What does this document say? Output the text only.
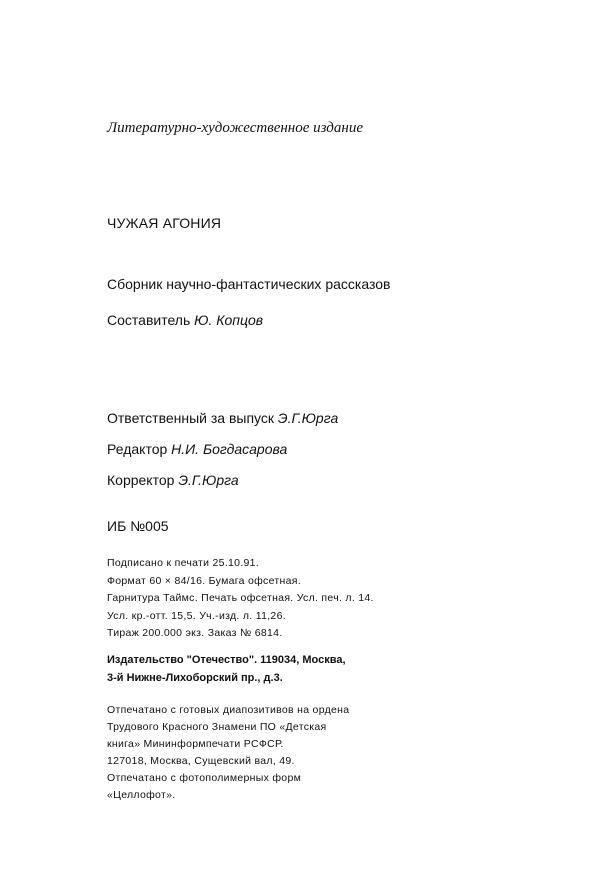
Литературно-художественное издание
ЧУЖАЯ АГОНИЯ
Сборник научно-фантастических рассказов
Составитель Ю. Копцов
Ответственный за выпуск Э.Г.Юрга
Редактор Н.И. Богдасарова
Корректор Э.Г.Юрга
ИБ №005
Подписано к печати 25.10.91.
Формат 60 × 84/16. Бумага офсетная.
Гарнитура Таймс. Печать офсетная. Усл. печ. л. 14.
Усл. кр.-отт. 15,5. Уч.-изд. л. 11,26.
Тираж 200.000 экз. Заказ № 6814.
Издательство "Отечество". 119034, Москва,
3-й Нижне-Лихоборский пр., д.3.
Отпечатано с готовых диапозитивов на ордена
Трудового Красного Знамени ПО «Детская
книга» Мининформпечати РСФСР.
127018, Москва, Сущевский вал, 49.
Отпечатано с фотополимерных форм
«Целлофот».
